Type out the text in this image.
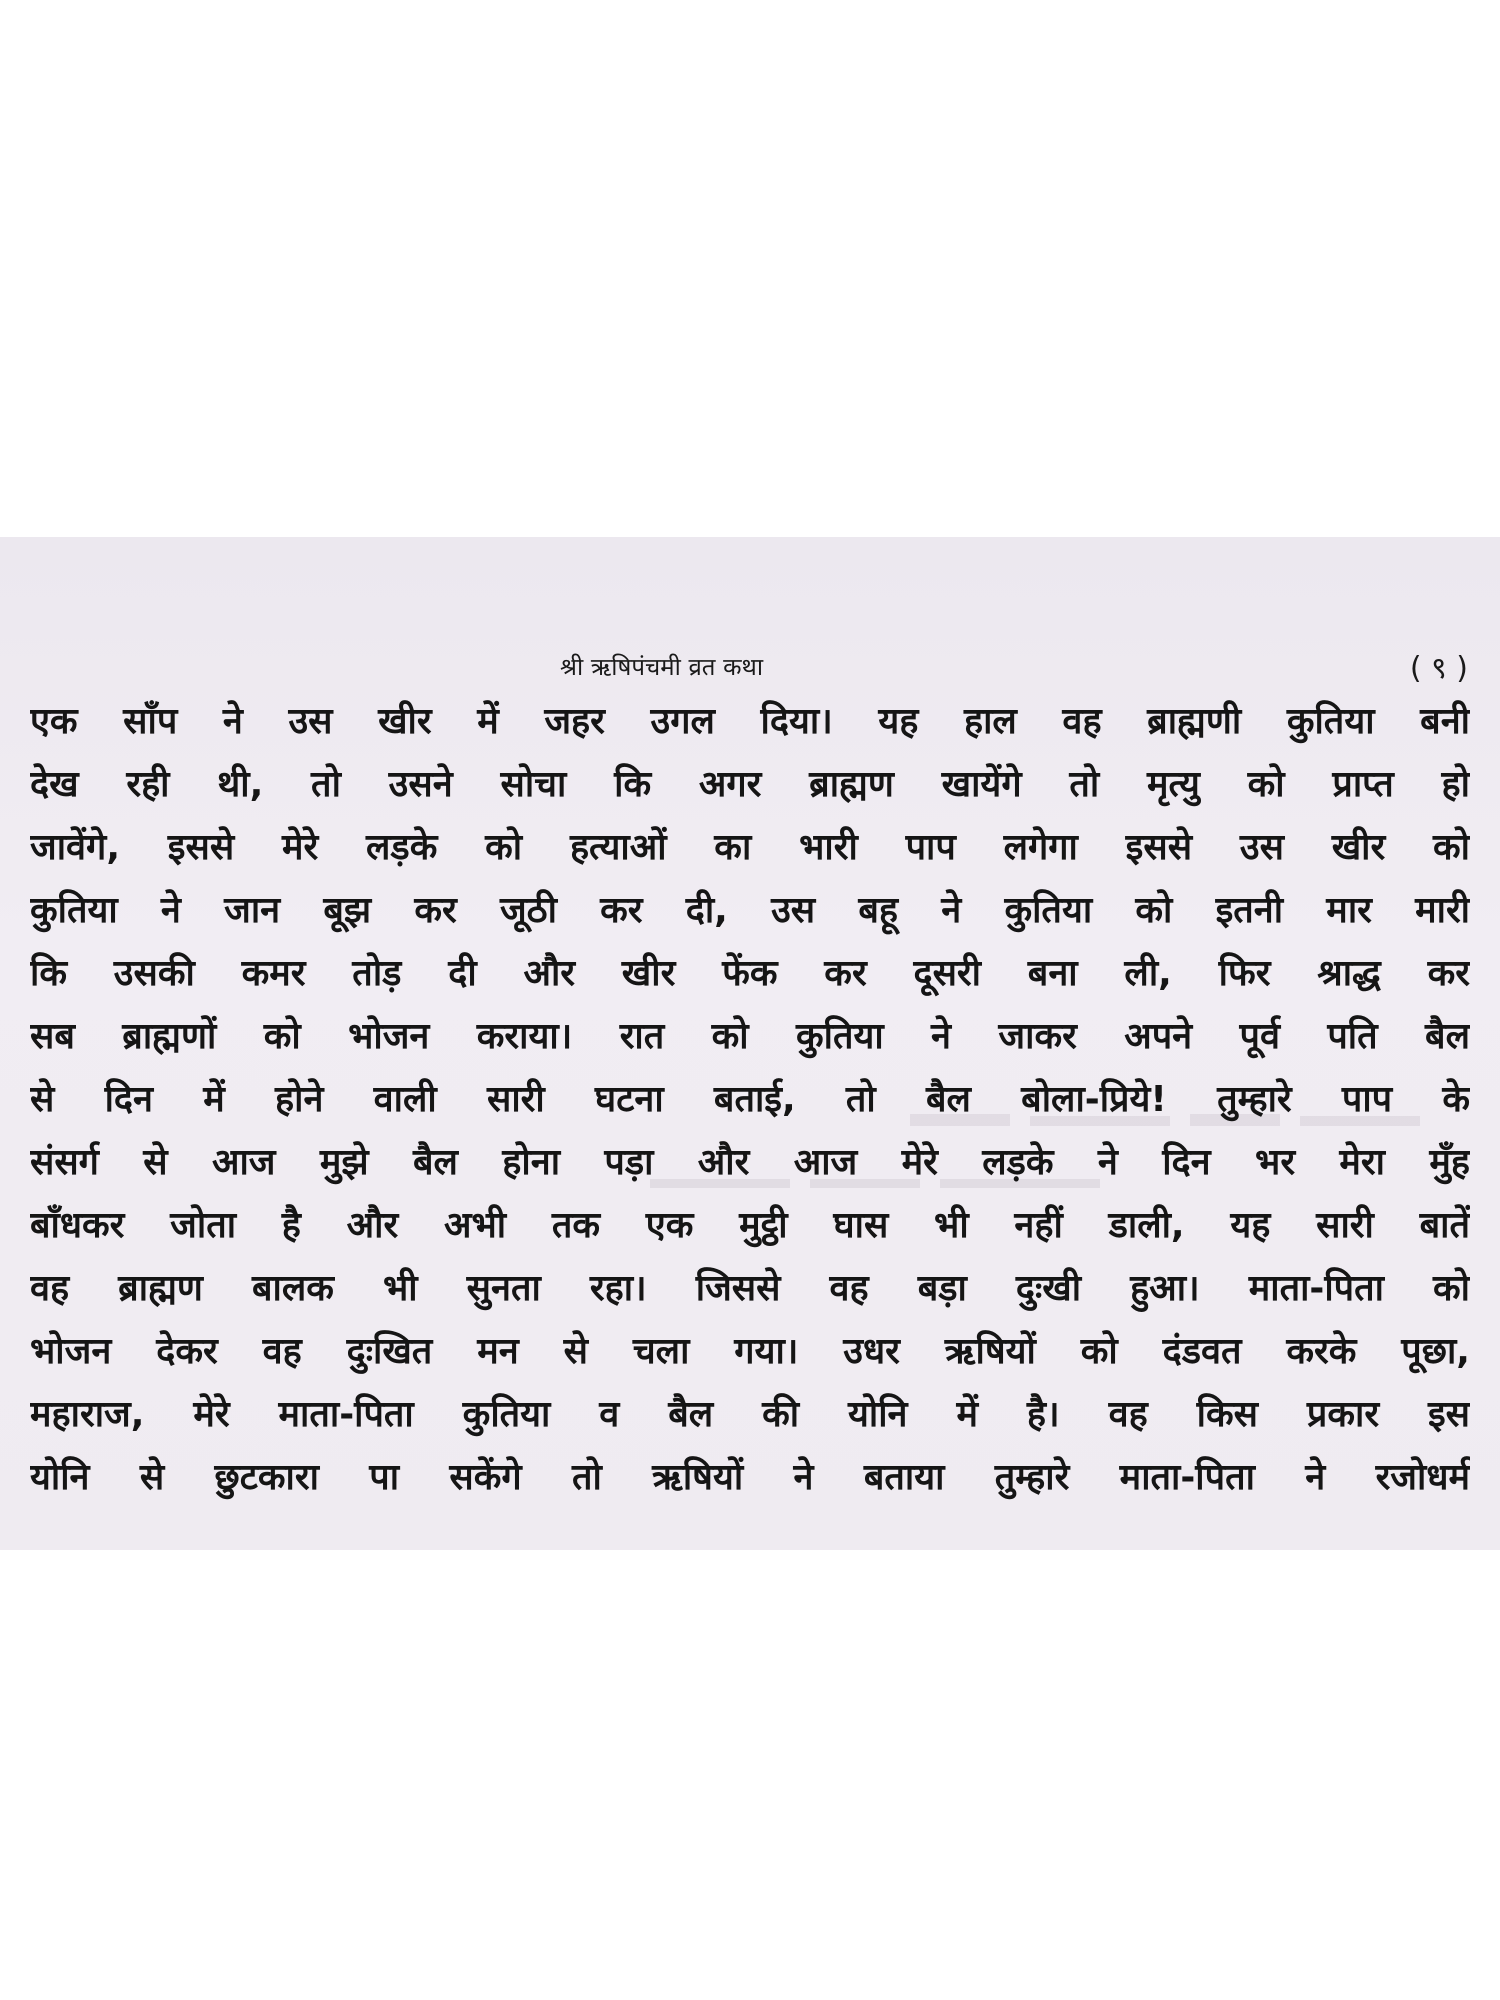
श्री ऋषिपंचमी व्रत कथा	( ९ )
एक साँप ने उस खीर में जहर उगल दिया। यह हाल वह ब्राह्मणी कुतिया बनी
देख रही थी, तो उसने सोचा कि अगर ब्राह्मण खायेंगे तो मृत्यु को प्राप्त हो
जावेंगे, इससे मेरे लड़के को हत्याओं का भारी पाप लगेगा इससे उस खीर को
कुतिया ने जान बूझ कर जूठी कर दी, उस बहू ने कुतिया को इतनी मार मारी
कि उसकी कमर तोड़ दी और खीर फेंक कर दूसरी बना ली, फिर श्राद्ध कर
सब ब्राह्मणों को भोजन कराया। रात को कुतिया ने जाकर अपने पूर्व पति बैल
से दिन में होने वाली सारी घटना बताई, तो बैल बोला-प्रिये! तुम्हारे पाप के
संसर्ग से आज मुझे बैल होना पड़ा और आज मेरे लड़के ने दिन भर मेरा मुँह
बाँधकर जोता है और अभी तक एक मुट्ठी घास भी नहीं डाली, यह सारी बातें
वह ब्राह्मण बालक भी सुनता रहा। जिससे वह बड़ा दुःखी हुआ। माता-पिता को
भोजन देकर वह दुःखित मन से चला गया। उधर ऋषियों को दंडवत करके पूछा,
महाराज, मेरे माता-पिता कुतिया व बैल की योनि में है। वह किस प्रकार इस
योनि से छुटकारा पा सकेंगे तो ऋषियों ने बताया तुम्हारे माता-पिता ने रजोधर्म
